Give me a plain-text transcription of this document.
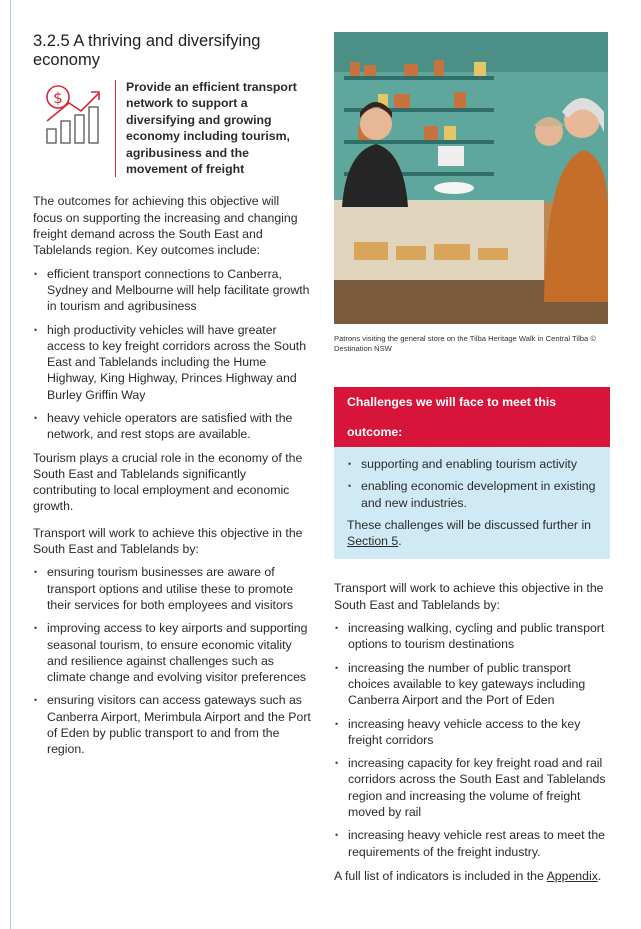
3.2.5 A thriving and diversifying economy
$
Provide an efficient transport network to support a diversifying and growing economy including tourism, agribusiness and the movement of freight

The outcomes for achieving this objective will focus on supporting the increasing and changing freight demand across the South East and Tablelands region. Key outcomes include:

• efficient transport connections to Canberra, Sydney and Melbourne will help facilitate growth in tourism and agribusiness
• high productivity vehicles will have greater access to key freight corridors across the South East and Tablelands including the Hume Highway, King Highway, Princes Highway and Burley Griffin Way
• heavy vehicle operators are satisfied with the network, and rest stops are available.

Tourism plays a crucial role in the economy of the South East and Tablelands significantly contributing to local employment and economic growth.

Transport will work to achieve this objective in the South East and Tablelands by:

• ensuring tourism businesses are aware of transport options and utilise these to promote their services for both employees and visitors
• improving access to key airports and supporting seasonal tourism, to ensure economic vitality and resilience against challenges such as climate change and evolving visitor preferences
• ensuring visitors can access gateways such as Canberra Airport, Merimbula Airport and the Port of Eden by public transport to and from the region.
Patrons visiting the general store on the Tilba Heritage Walk in Central Tilba © Destination NSW
Challenges we will face to meet this outcome:
• supporting and enabling tourism activity
• enabling economic development in existing and new industries.

These challenges will be discussed further in Section 5.

Transport will work to achieve this objective in the South East and Tablelands by:

• increasing walking, cycling and public transport options to tourism destinations
• increasing the number of public transport choices available to key gateways including Canberra Airport and the Port of Eden
• increasing heavy vehicle access to the key freight corridors
• increasing capacity for key freight road and rail corridors across the South East and Tablelands region and increasing the volume of freight moved by rail
• increasing heavy vehicle rest areas to meet the requirements of the freight industry.

A full list of indicators is included in the Appendix.
